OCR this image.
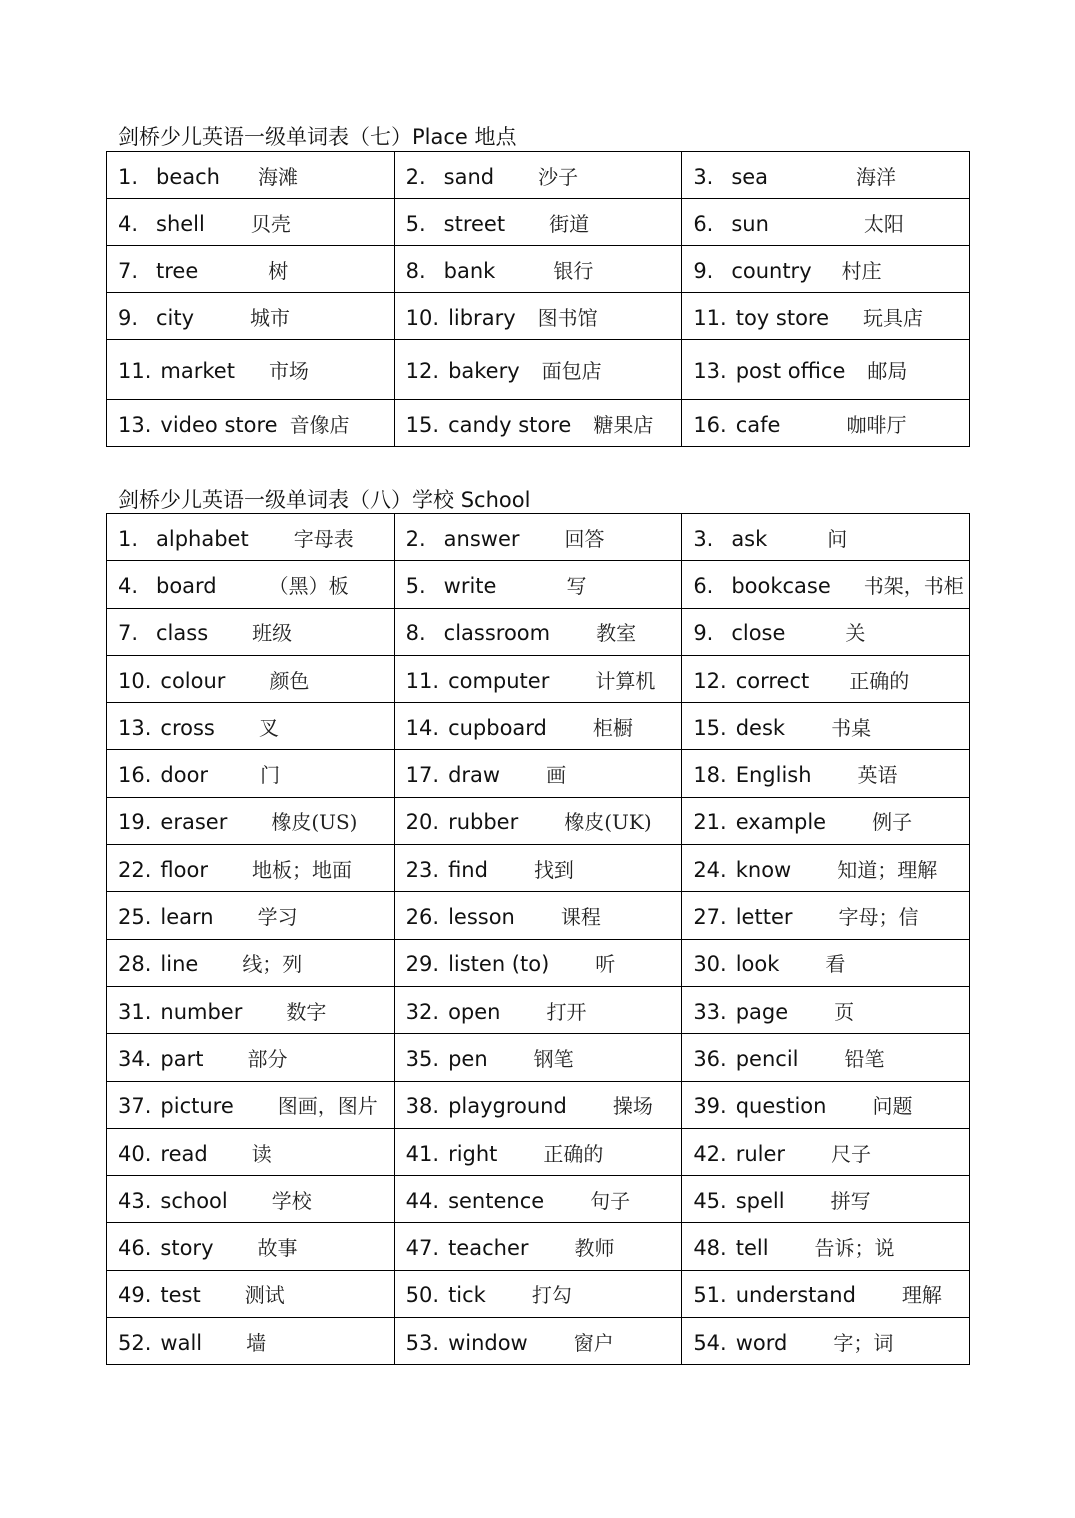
剑桥少儿英语一级单词表（七）Place 地点
1. beach 海滩	2. sand 沙子	3. sea 海洋
4. shell 贝壳	5. street 街道	6. sun 太阳
7. tree 树	8. bank 银行	9. country 村庄
9. city 城市	10. library 图书馆	11. toy store 玩具店
11. market 市场	12. bakery 面包店	13. post office 邮局
13. video store 音像店	15. candy store 糖果店	16. cafe 咖啡厅
剑桥少儿英语一级单词表（八）学校 School
1. alphabet 字母表	2. answer 回答	3. ask 问
4. board （黑）板	5. write 写	6. bookcase 书架，书柜
7. class 班级	8. classroom 教室	9. close 关
10. colour 颜色	11. computer 计算机	12. correct 正确的
13. cross 叉	14. cupboard 柜橱	15. desk 书桌
16. door 门	17. draw 画	18. English 英语
19. eraser 橡皮(US)	20. rubber 橡皮(UK)	21. example 例子
22. floor 地板；地面	23. find 找到	24. know 知道；理解
25. learn 学习	26. lesson 课程	27. letter 字母；信
28. line 线；列	29. listen (to) 听	30. look 看
31. number 数字	32. open 打开	33. page 页
34. part 部分	35. pen 钢笔	36. pencil 铅笔
37. picture 图画，图片	38. playground 操场	39. question 问题
40. read 读	41. right 正确的	42. ruler 尺子
43. school 学校	44. sentence 句子	45. spell 拼写
46. story 故事	47. teacher 教师	48. tell 告诉；说
49. test 测试	50. tick 打勾	51. understand 理解
52. wall 墙	53. window 窗户	54. word 字；词
